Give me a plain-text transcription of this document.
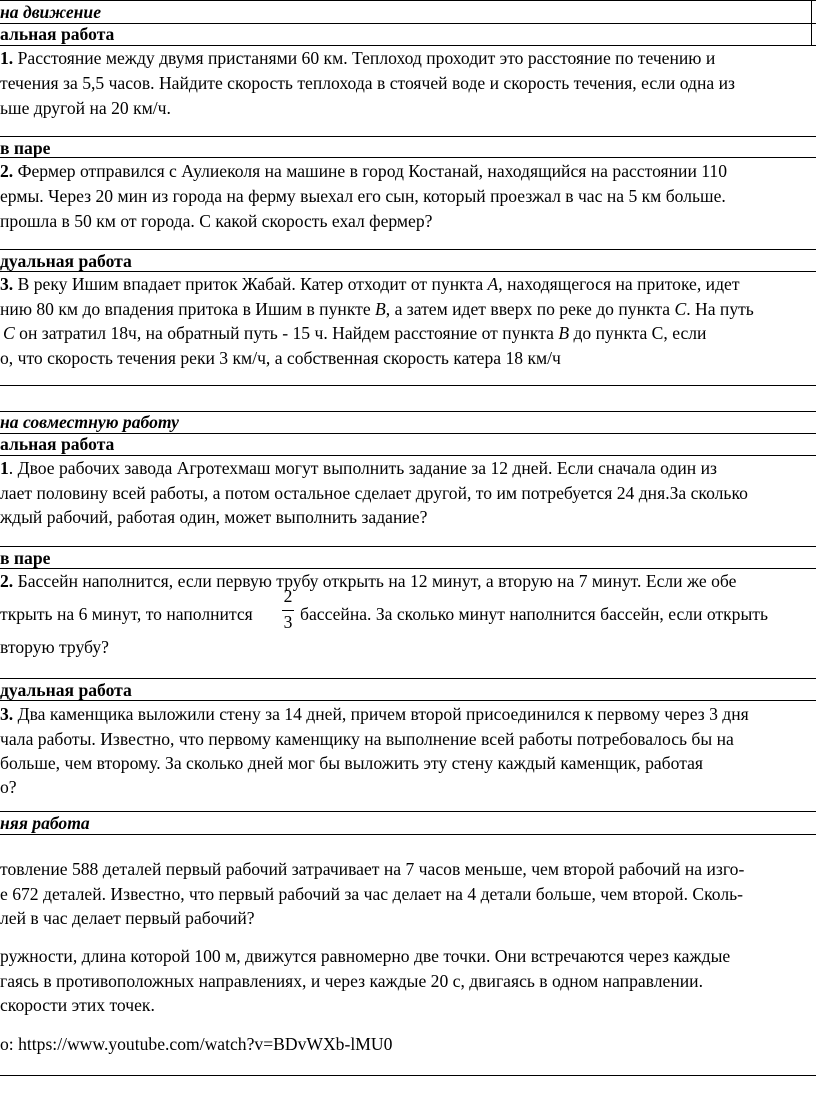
на движение
альная работа
1. Расстояние между двумя пристанями 60 км. Теплоход проходит это расстояние по течению и
течения за 5,5 часов. Найдите скорость теплохода в стоячей воде и скорость течения, если одна из
ьше другой на 20 км/ч.
в паре
2. Фермер отправился с Аулиеколя на машине в город Костанай, находящийся на расстоянии 110
ермы. Через 20 мин из города на ферму выехал его сын, который проезжал в час на 5 км больше.
прошла в 50 км от города. С какой скорость ехал фермер?
дуальная работа
3. В реку Ишим впадает приток Жабай. Катер отходит от пункта A, находящегося на притоке, идет
нию 80 км до впадения притока в Ишим в пункте B, а затем идет вверх по реке до пункта C. На путь
C он затратил 18ч, на обратный путь - 15 ч. Найдем расстояние от пункта B до пункта С, если
о, что скорость течения реки 3 км/ч, а собственная скорость катера 18 км/ч
на совместную работу
альная работа
1. Двое рабочих завода Агротехмаш могут выполнить задание за 12 дней. Если сначала один из
лает половину всей работы, а потом остальное сделает другой, то им потребуется 24 дня.За сколько
ждый рабочий, работая один, может выполнить задание?
в паре
2. Бассейн наполнится, если первую трубу открыть на 12 минут, а вторую на 7 минут. Если же обе
ткрыть на 6 минут, то наполнится
2
3 бассейна. За сколько минут наполнится бассейн, если открыть
вторую трубу?
дуальная работа
3. Два каменщика выложили стену за 14 дней, причем второй присоединился к первому через 3 дня
чала работы. Известно, что первому каменщику на выполнение всей работы потребовалось бы на
больше, чем второму. За сколько дней мог бы выложить эту стену каждый каменщик, работая
о?
няя работа
товление 588 деталей первый рабочий затрачивает на 7 часов меньше, чем второй рабочий на изго-
е 672 деталей. Известно, что первый рабочий за час делает на 4 детали больше, чем второй. Сколь-
лей в час делает первый рабочий?
ружности, длина которой 100 м, движутся равномерно две точки. Они встречаются через каждые
гаясь в противоположных направлениях, и через каждые 20 с, двигаясь в одном направлении.
скорости этих точек.
o: https://www.youtube.com/watch?v=BDvWXb-lMU0
